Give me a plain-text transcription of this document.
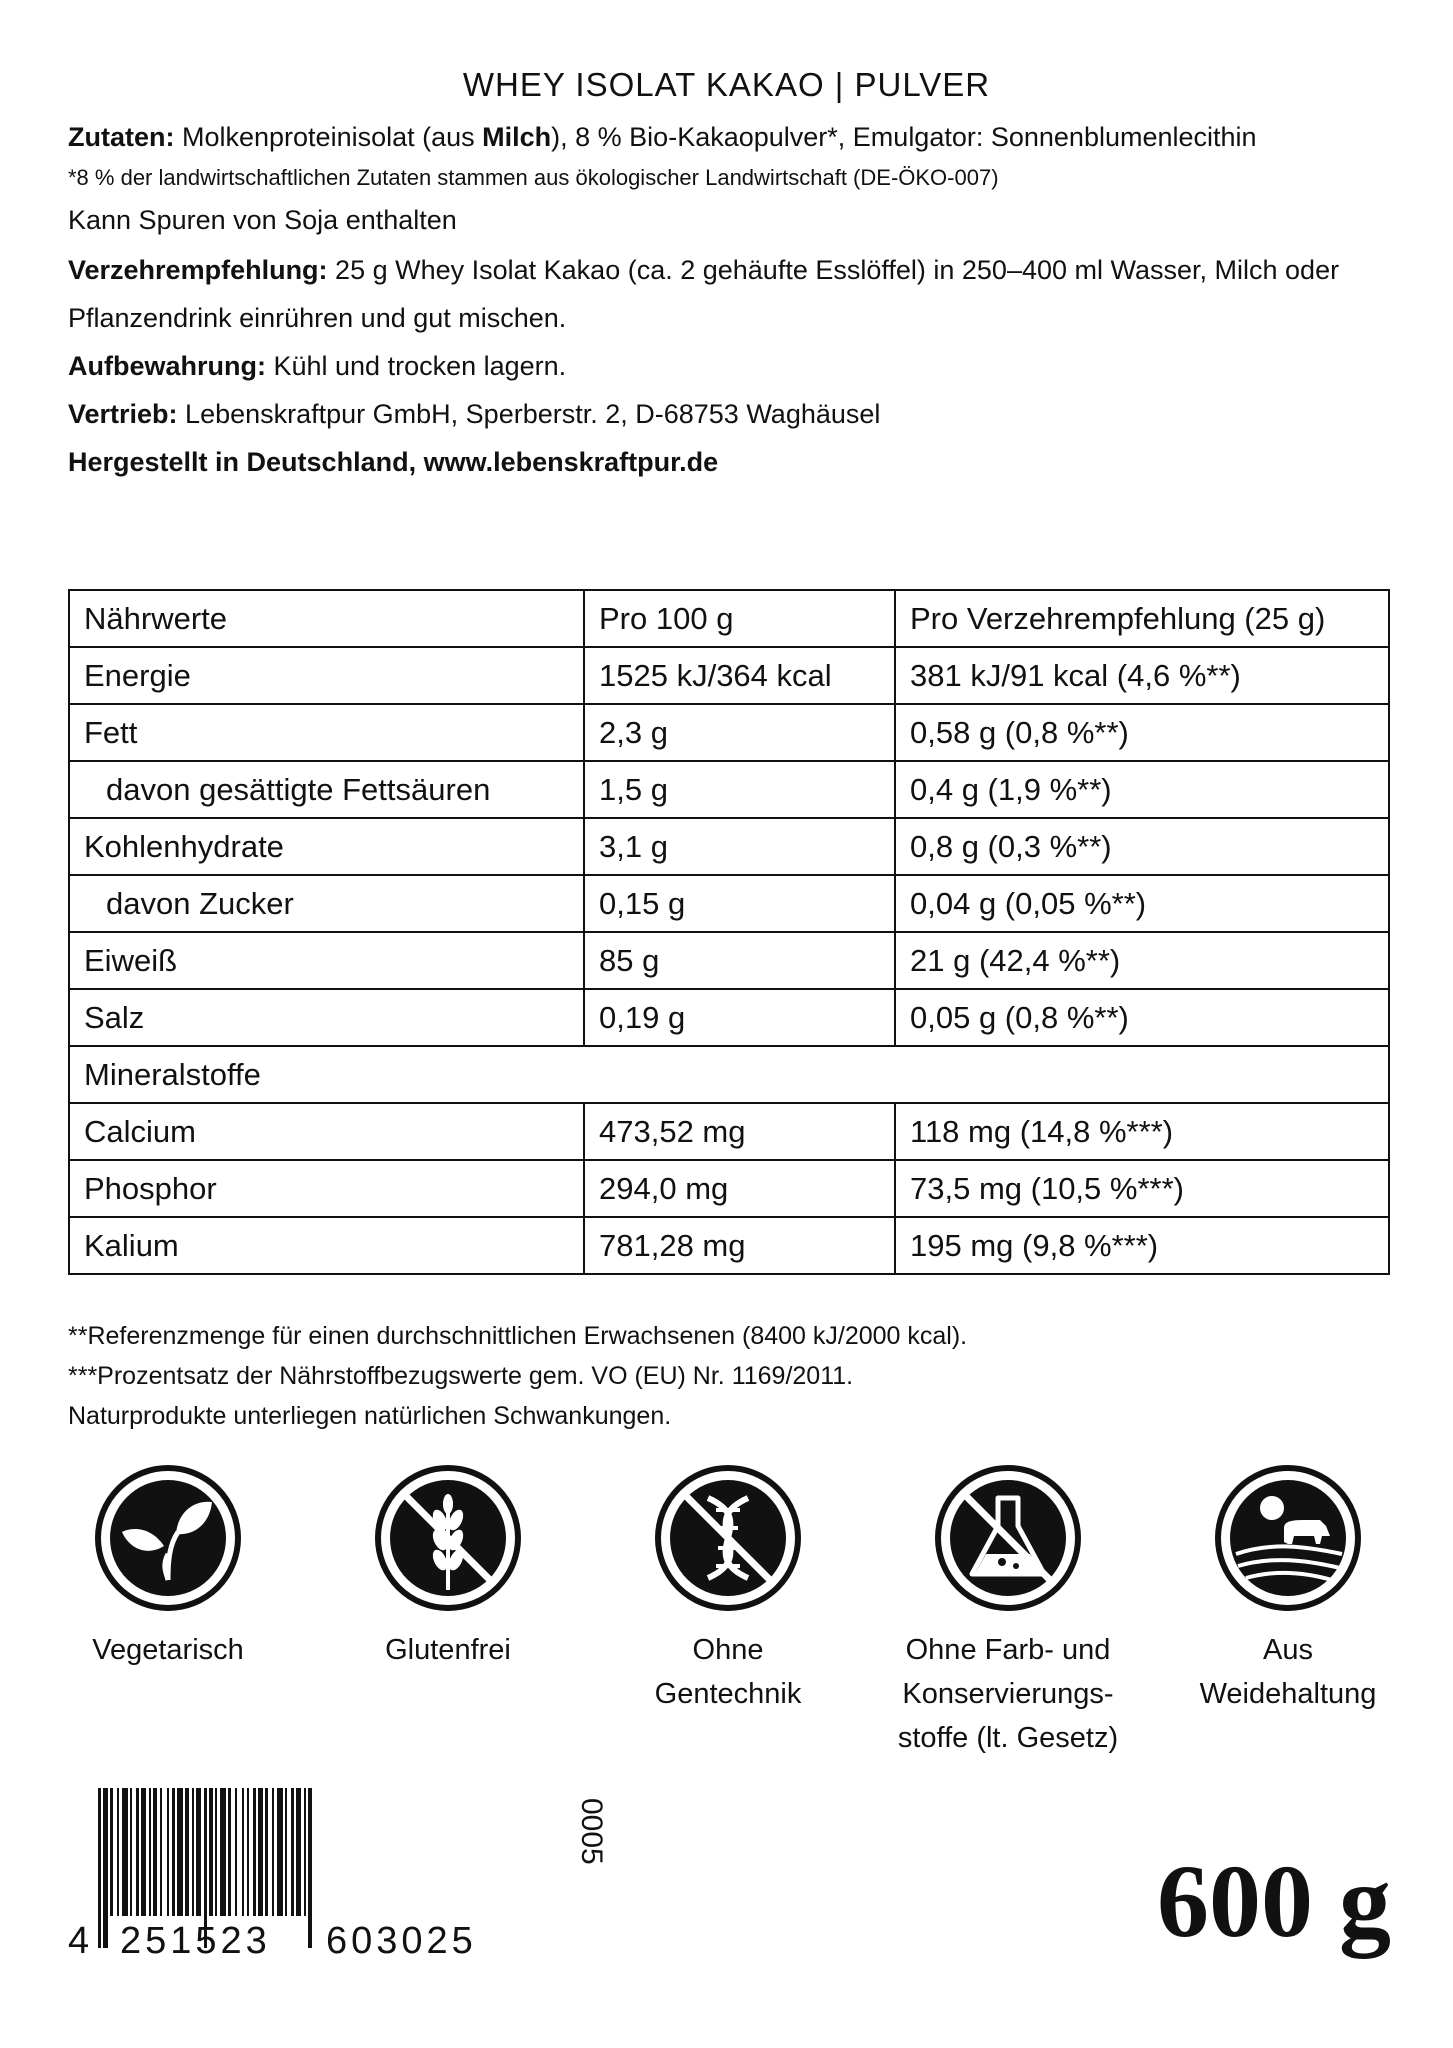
WHEY ISOLAT KAKAO | PULVER
Zutaten: Molkenproteinisolat (aus Milch), 8 % Bio-Kakaopulver*, Emulgator: Sonnenblumenlecithin
*8 % der landwirtschaftlichen Zutaten stammen aus ökologischer Landwirtschaft (DE-ÖKO-007)
Kann Spuren von Soja enthalten
Verzehrempfehlung: 25 g Whey Isolat Kakao (ca. 2 gehäufte Esslöffel) in 250–400 ml Wasser, Milch oder
Pflanzendrink einrühren und gut mischen.
Aufbewahrung: Kühl und trocken lagern.
Vertrieb: Lebenskraftpur GmbH, Sperberstr. 2, D-68753 Waghäusel
Hergestellt in Deutschland, www.lebenskraftpur.de
Nährwerte	Pro 100 g	Pro Verzehrempfehlung (25 g)
Energie	1525 kJ/364 kcal	381 kJ/91 kcal (4,6 %**)
Fett	2,3 g	0,58 g (0,8 %**)
davon gesättigte Fettsäuren	1,5 g	0,4 g (1,9 %**)
Kohlenhydrate	3,1 g	0,8 g (0,3 %**)
davon Zucker	0,15 g	0,04 g (0,05 %**)
Eiweiß	85 g	21 g (42,4 %**)
Salz	0,19 g	0,05 g (0,8 %**)
Mineralstoffe		
Calcium	473,52 mg	118 mg (14,8 %***)
Phosphor	294,0 mg	73,5 mg (10,5 %***)
Kalium	781,28 mg	195 mg (9,8 %***)
**Referenzmenge für einen durchschnittlichen Erwachsenen (8400 kJ/2000 kcal).
***Prozentsatz der Nährstoffbezugswerte gem. VO (EU) Nr. 1169/2011.
Naturprodukte unterliegen natürlichen Schwankungen.
Vegetarisch	Glutenfrei	Ohne
Gentechnik
Ohne Farb- und
Konservierungs-
stoffe (lt. Gesetz)
Aus
Weidehaltung
4 251523 603025
0005
600 g
